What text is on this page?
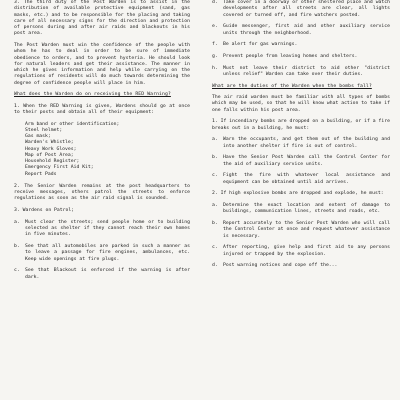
3. The third duty of the Post Warden is to assist in the distribution of available protective equipment (sand, gas masks, etc.) and to be responsible for the placing and taking care of all necessary signs for the direction and protection of persons during and after air raids and blackouts in his post area.

The Post Warden must win the confidence of the people with whom he has to deal in order to be sure of immediate obedience to orders, and to prevent hysteria. He should look for natural leaders and get their assistance. The manner in which he gives information and help while carrying on the regulations of residents will do much towards determining the degree of confidence people will place in him.

What does the Warden do on receiving the RED Warning?

1. When the RED Warning is given, Wardens should go at once to their posts and obtain all of their equipment:

Arm band or other identification;
Steel helmet;
Gas mask;
Warden's Whistle;
Heavy Work Gloves;
Map of Post Area;
Household Register;
Emergency First Aid Kit;
Report Pads

2. The Senior Warden remains at the post headquarters to receive messages, others patrol the streets to enforce regulations as soon as the air raid signal is sounded.

3. Wardens on Patrol;

a. Must clear the streets; send people home or to building selected as shelter if they cannot reach their own homes in five minutes.
b. See that all automobiles are parked in such a manner as to leave a passage for fire engines, ambulances, etc. Keep wide openings at fire plugs.
c. See that Blackout is enforced if the warning is after dark.
d. Take cover in a doorway or other sheltered place and watch developments after all streets are clear, all lights covered or turned off, and fire watchers posted.
e. Guide messenger, first aid and other auxiliary service units through the neighborhood.
f. Be alert for gas warnings.
g. Prevent people from leaving homes and shelters.
h. Must not leave their district to aid other "district unless relief" Warden can take over their duties.
What are the duties of the Warden when the bombs fall?

The air raid warden must be familiar with all types of bombs which may be used, so that he will know what action to take if one falls within his post area.

1. If incendiary bombs are dropped on a building, or if a fire breaks out in a building, he must:

a. Warn the occupants, and get them out of the building and into another shelter if fire is out of control.
b. Have the Senior Post Warden call the Control Center for the aid of auxiliary service units.
c. Fight the fire with whatever local assistance and equipment can be obtained until aid arrives.

2. If high explosive bombs are dropped and explode, he must:

a. Determine the exact location and extent of damage to buildings, communication lines, streets and roads, etc.
b. Report accurately to the Senior Post Warden who will call the Control Center at once and request whatever assistance is necessary.
c. After reporting, give help and first aid to any persons injured or trapped by the explosion.
d. Post warning notices and cope off the...
